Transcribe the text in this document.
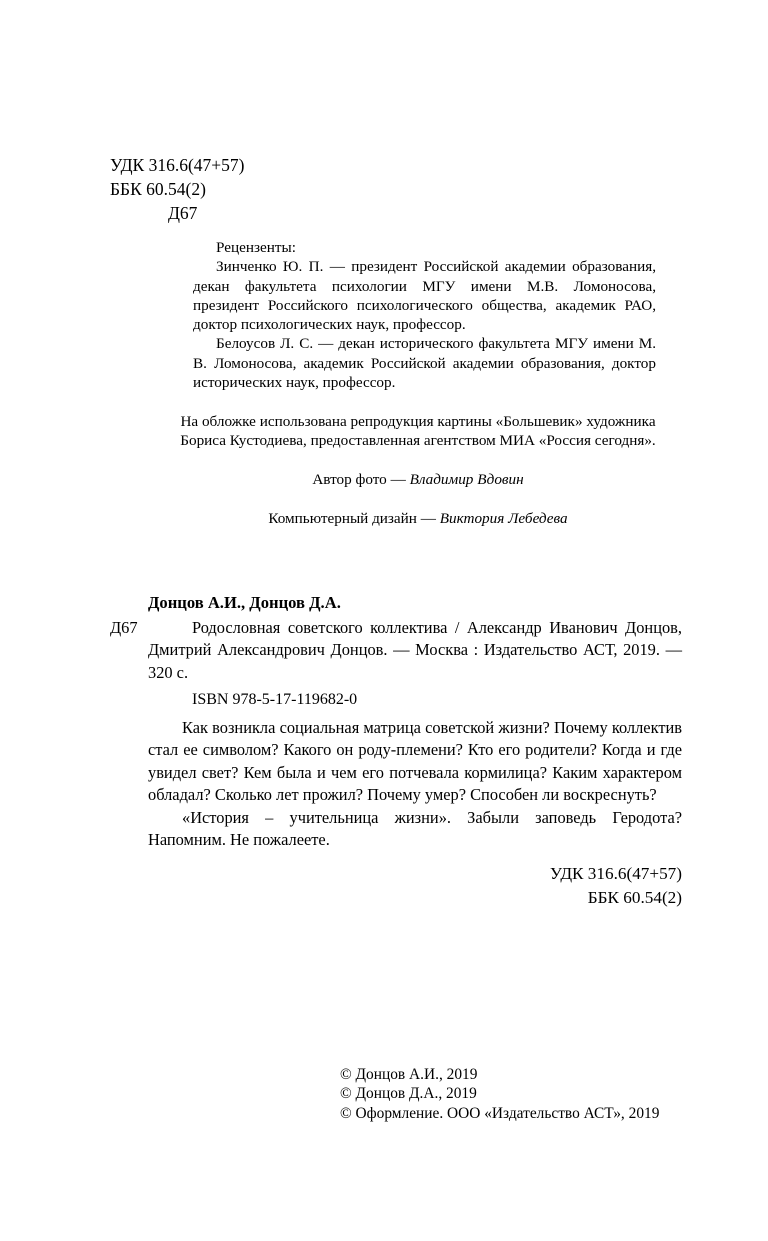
УДК 316.6(47+57)
ББК 60.54(2)
Д67

Рецензенты:

Зинченко Ю. П. — президент Российской академии образования, декан факультета психологии МГУ имени М.В. Ломоносова, президент Российского психологического общества, академик РАО, доктор психологических наук, профессор.

Белоусов Л. С. — декан исторического факультета МГУ имени М. В. Ломоносова, академик Российской академии образования, доктор исторических наук, профессор.

На обложке использована репродукция картины «Большевик» художника Бориса Кустодиева, предоставленная агентством МИА «Россия сегодня».

Автор фото — Владимир Вдовин

Компьютерный дизайн — Виктория Лебедева

Донцов А.И., Донцов Д.А.

Д67	Родословная советского коллектива / Александр Иванович Донцов, Дмитрий Александрович Донцов. — Москва : Издательство АСТ, 2019. — 320 с.
ISBN 978-5-17-119682-0

Как возникла социальная матрица советской жизни? Почему коллектив стал ее символом? Какого он роду-племени? Кто его родители? Когда и где увидел свет? Кем была и чем его потчевала кормилица? Каким характером обладал? Сколько лет прожил? Почему умер? Способен ли воскреснуть?

«История – учительница жизни». Забыли заповедь Геродота? Напомним. Не пожалеете.

УДК 316.6(47+57)
ББК 60.54(2)
© Донцов А.И., 2019
© Донцов Д.А., 2019
© Оформление. ООО «Издательство АСТ», 2019
